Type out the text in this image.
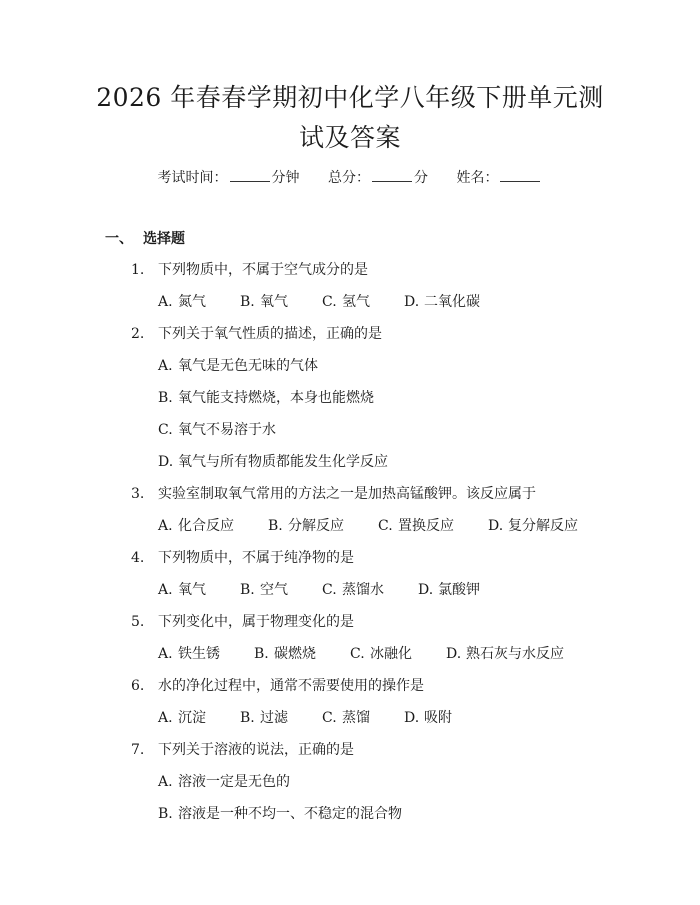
2026 年春春学期初中化学八年级下册单元测
试及答案
考试时间：	分钟 总分：	分 姓名：
一、 选择题
1. 下列物质中，不属于空气成分的是
A. 氮气 B. 氧气 C. 氢气 D. 二氧化碳
2. 下列关于氧气性质的描述，正确的是
A. 氧气是无色无味的气体
B. 氧气能支持燃烧，本身也能燃烧
C. 氧气不易溶于水
D. 氧气与所有物质都能发生化学反应
3. 实验室制取氧气常用的方法之一是加热高锰酸钾。该反应属于
A. 化合反应 B. 分解反应 C. 置换反应 D. 复分解反应
4. 下列物质中，不属于纯净物的是
A. 氧气 B. 空气 C. 蒸馏水 D. 氯酸钾
5. 下列变化中，属于物理变化的是
A. 铁生锈 B. 碳燃烧 C. 冰融化 D. 熟石灰与水反应
6. 水的净化过程中，通常不需要使用的操作是
A. 沉淀 B. 过滤 C. 蒸馏 D. 吸附
7. 下列关于溶液的说法，正确的是
A. 溶液一定是无色的
B. 溶液是一种不均一、不稳定的混合物
